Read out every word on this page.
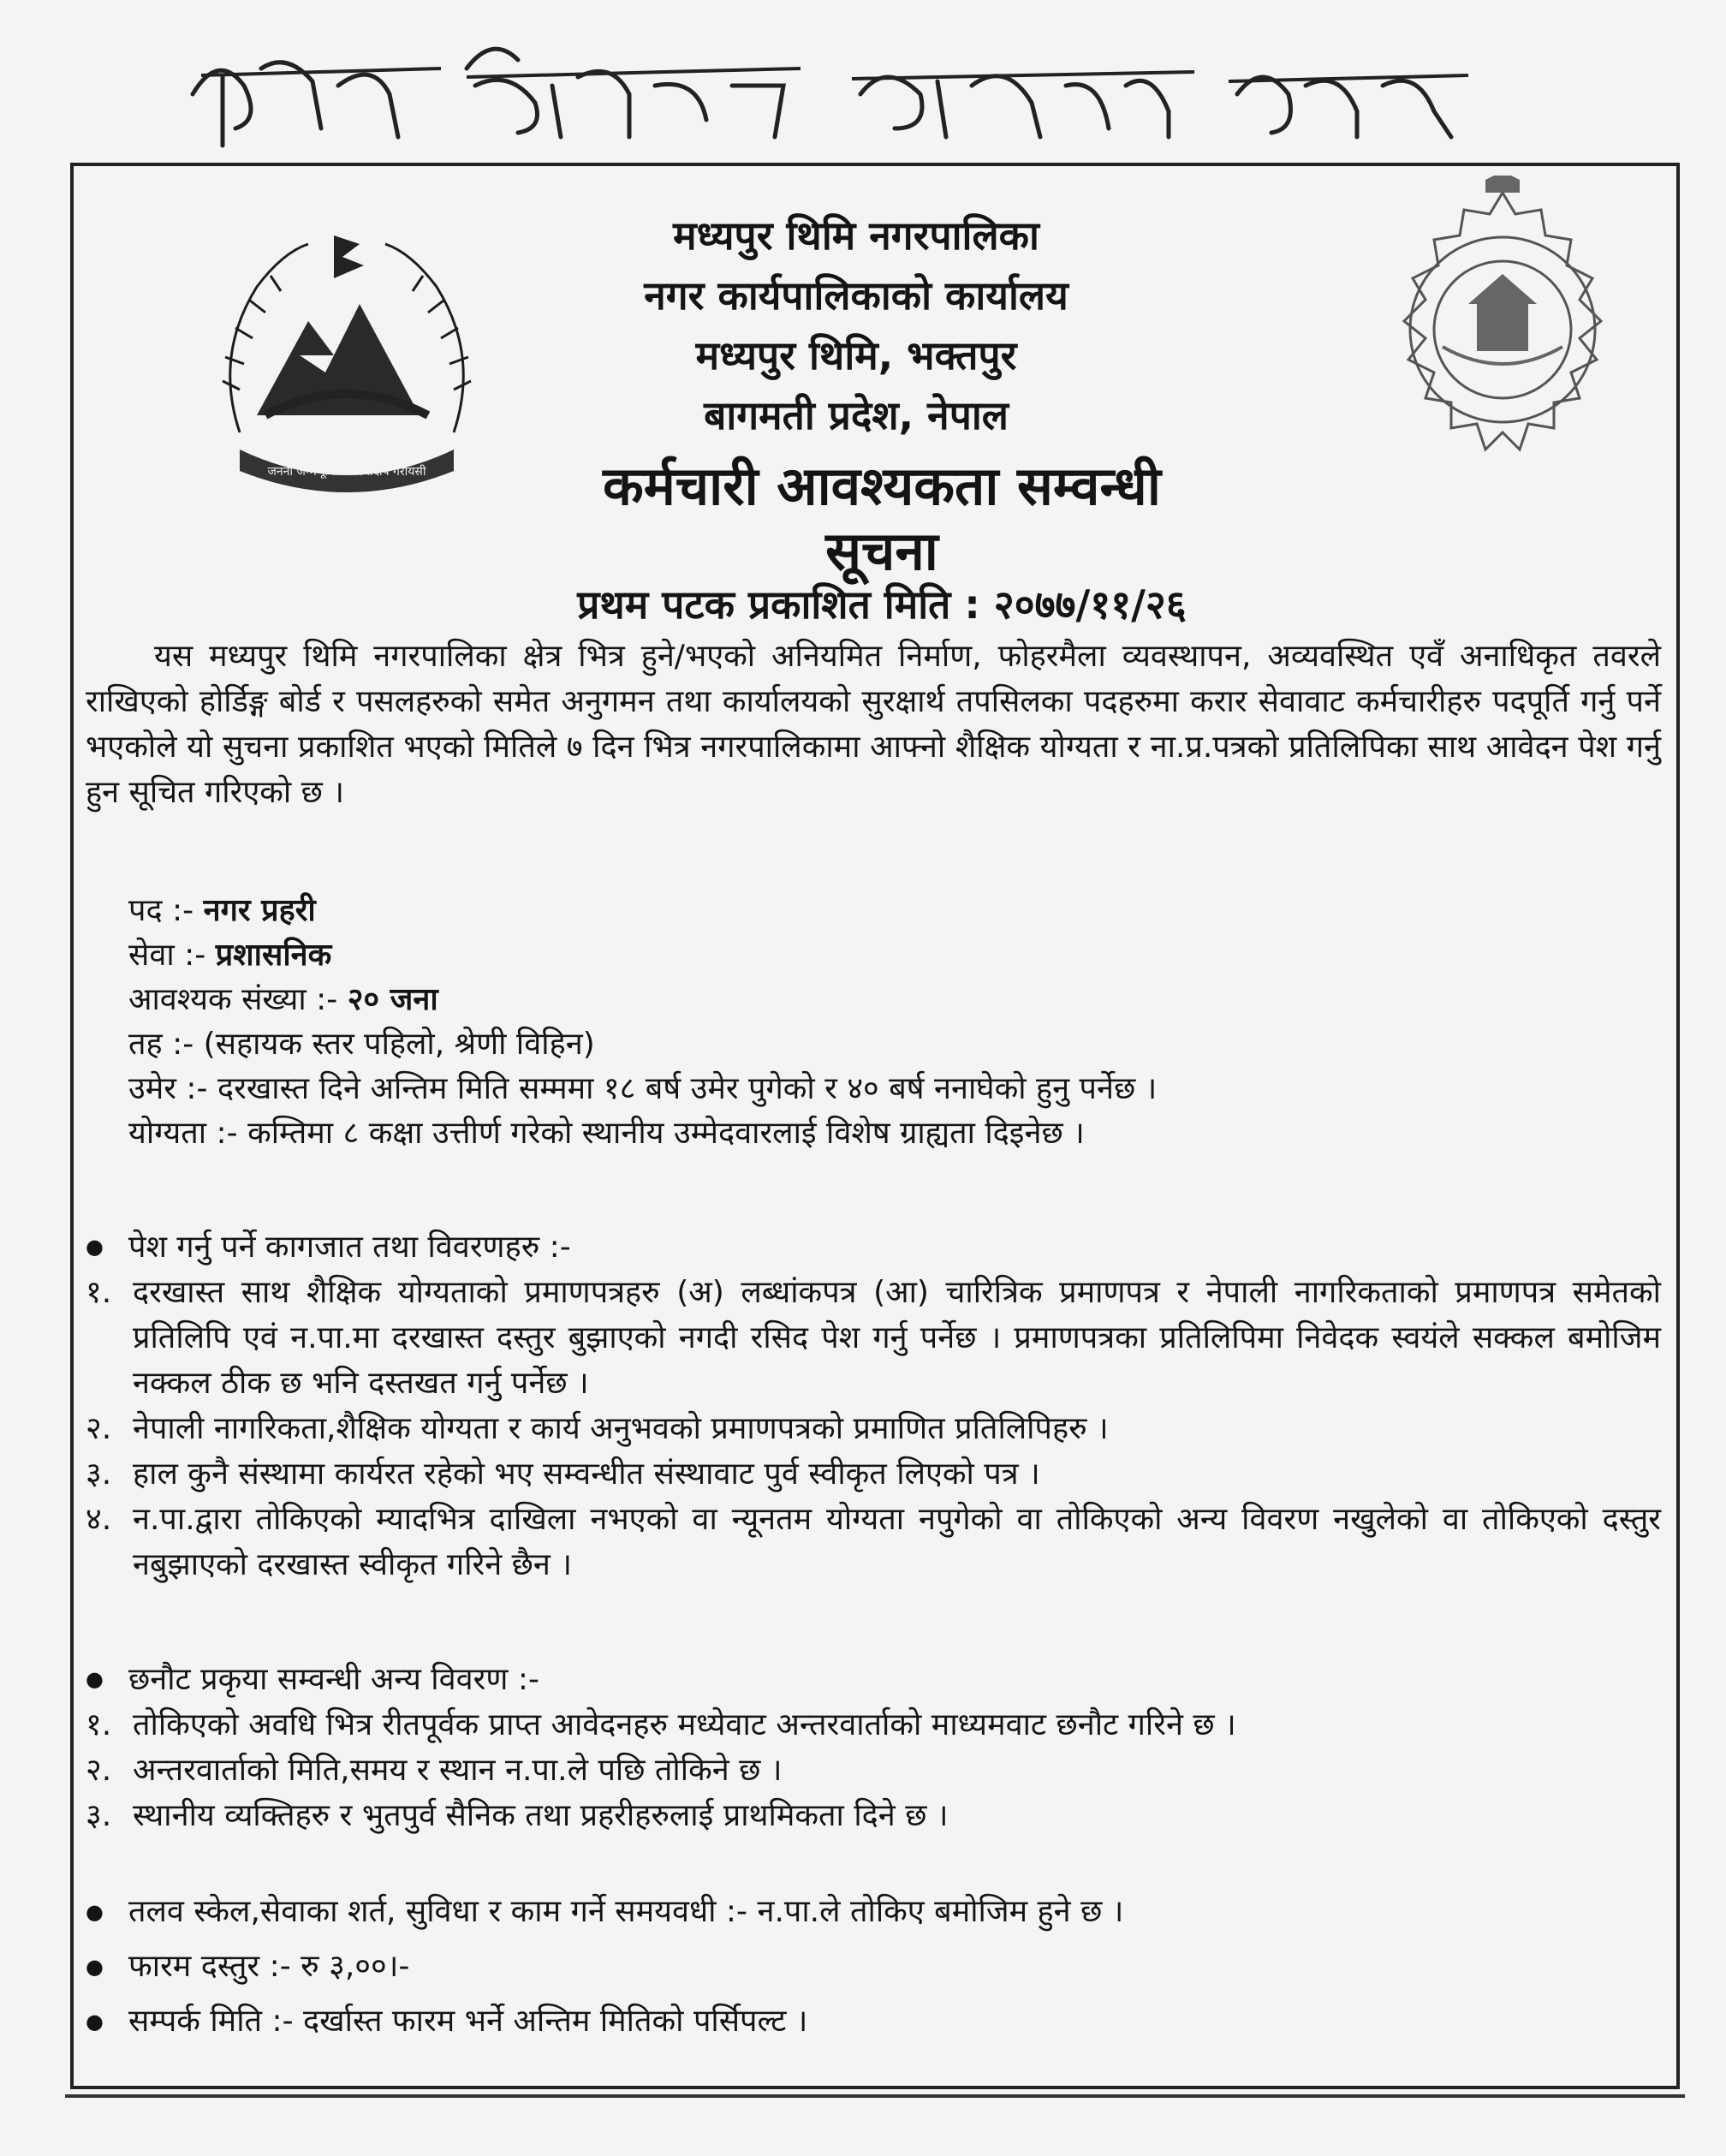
जननी जन्मभूमिश्च स्वर्गादपि गरीयसी
मध्यपुर थिमि नगरपालिका
नगर कार्यपालिकाको कार्यालय
मध्यपुर थिमि, भक्तपुर
बागमती प्रदेश, नेपाल
कर्मचारी आवश्यकता सम्वन्धी
सूचना
प्रथम पटक प्रकाशित मिति : २०७७/११/२६
यस मध्यपुर थिमि नगरपालिका क्षेत्र भित्र हुने/भएको अनियमित निर्माण, फोहरमैला व्यवस्थापन, अव्यवस्थित एवँ अनाधिकृत तवरले राखिएको होर्डिङ्ग बोर्ड र पसलहरुको समेत अनुगमन तथा कार्यालयको सुरक्षार्थ तपसिलका पदहरुमा करार सेवावाट कर्मचारीहरु पदपूर्ति गर्नु पर्ने भएकोले यो सुचना प्रकाशित भएको मितिले ७ दिन भित्र नगरपालिकामा आफ्नो शैक्षिक योग्यता र ना.प्र.पत्रको प्रतिलिपिका साथ आवेदन पेश गर्नु हुन सूचित गरिएको छ ।
पद :- नगर प्रहरी
सेवा :- प्रशासनिक
आवश्यक संख्या :- २० जना
तह :- (सहायक स्तर पहिलो, श्रेणी विहिन)
उमेर :- दरखास्त दिने अन्तिम मिति सम्ममा १८ बर्ष उमेर पुगेको र ४० बर्ष ननाघेको हुनु पर्नेछ ।
योग्यता :- कम्तिमा ८ कक्षा उत्तीर्ण गरेको स्थानीय उम्मेदवारलाई विशेष ग्राह्यता दिइनेछ ।
● पेश गर्नु पर्ने कागजात तथा विवरणहरु :-
१. दरखास्त साथ शैक्षिक योग्यताको प्रमाणपत्रहरु (अ) लब्धांकपत्र (आ) चारित्रिक प्रमाणपत्र र नेपाली नागरिकताको प्रमाणपत्र समेतको प्रतिलिपि एवं न.पा.मा दरखास्त दस्तुर बुझाएको नगदी रसिद पेश गर्नु पर्नेछ । प्रमाणपत्रका प्रतिलिपिमा निवेदक स्वयंले सक्कल बमोजिम नक्कल ठीक छ भनि दस्तखत गर्नु पर्नेछ ।
२. नेपाली नागरिकता,शैक्षिक योग्यता र कार्य अनुभवको प्रमाणपत्रको प्रमाणित प्रतिलिपिहरु ।
३. हाल कुनै संस्थामा कार्यरत रहेको भए सम्वन्धीत संस्थावाट पुर्व स्वीकृत लिएको पत्र ।
४. न.पा.द्वारा तोकिएको म्यादभित्र दाखिला नभएको वा न्यूनतम योग्यता नपुगेको वा तोकिएको अन्य विवरण नखुलेको वा तोकिएको दस्तुर नबुझाएको दरखास्त स्वीकृत गरिने छैन ।
● छनौट प्रकृया सम्वन्धी अन्य विवरण :-
१. तोकिएको अवधि भित्र रीतपूर्वक प्राप्त आवेदनहरु मध्येवाट अन्तरवार्ताको माध्यमवाट छनौट गरिने छ ।
२. अन्तरवार्ताको मिति,समय र स्थान न.पा.ले पछि तोकिने छ ।
३. स्थानीय व्यक्तिहरु र भुतपुर्व सैनिक तथा प्रहरीहरुलाई प्राथमिकता दिने छ ।
● तलव स्केल,सेवाका शर्त, सुविधा र काम गर्ने समयवधी :- न.पा.ले तोकिए बमोजिम हुने छ ।
● फारम दस्तुर :- रु ३,००।-
● सम्पर्क मिति :- दर्खास्त फारम भर्ने अन्तिम मितिको पर्सिपल्ट ।
